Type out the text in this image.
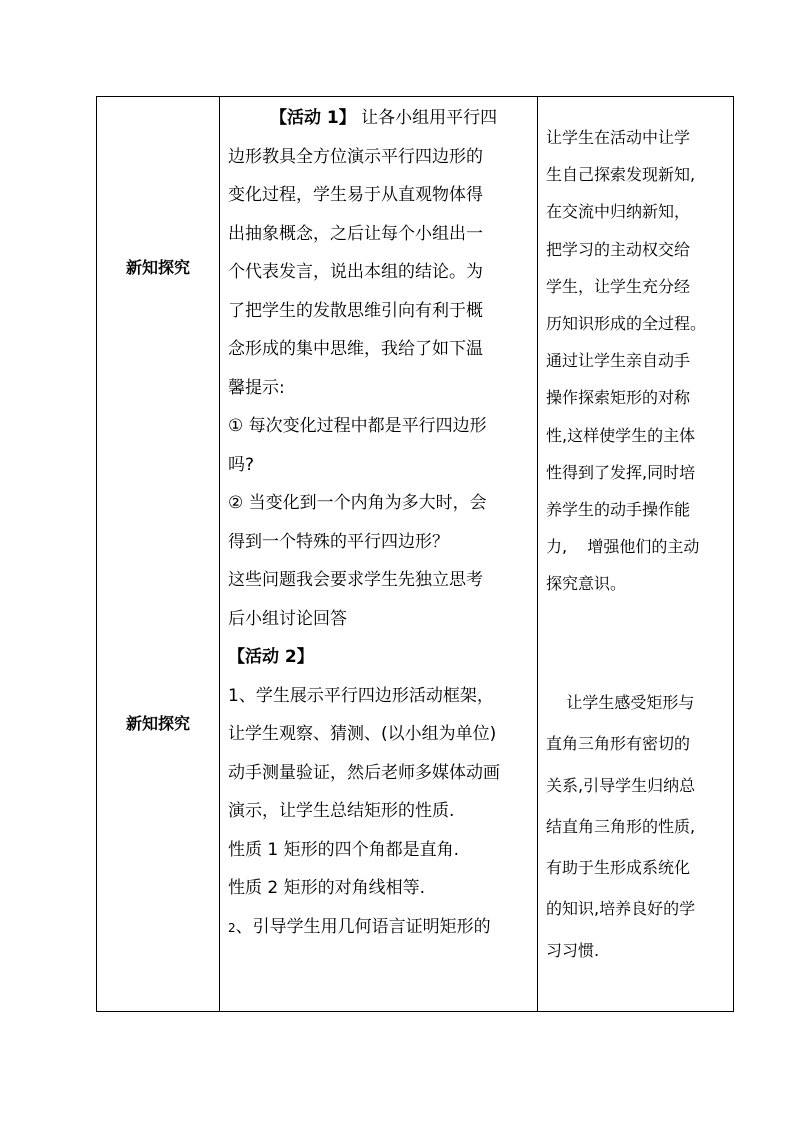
新知探究
新知探究

【活动 1】 让各小组用平行四

边形教具全方位演示平行四边形的

变化过程，学生易于从直观物体得

出抽象概念，之后让每个小组出一

个代表发言，说出本组的结论。为

了把学生的发散思维引向有利于概

念形成的集中思维，我给了如下温

馨提示:

① 每次变化过程中都是平行四边形

吗?

② 当变化到一个内角为多大时，会

得到一个特殊的平行四边形？

这些问题我会要求学生先独立思考

后小组讨论回答

【活动 2】

1、学生展示平行四边形活动框架，

让学生观察、猜测、(以小组为单位)

动手测量验证，然后老师多媒体动画

演示，让学生总结矩形的性质.

性质 1 矩形的四个角都是直角.

性质 2 矩形的对角线相等.

2、引导学生用几何语言证明矩形的

让学生在活动中让学

生自己探索发现新知,

在交流中归纳新知，

把学习的主动权交给

学生，让学生充分经

历知识形成的全过程。

通过让学生亲自动手

操作探索矩形的对称

性,这样使学生的主体

性得到了发挥,同时培

养学生的动手操作能

力,    增强他们的主动

探究意识。

让学生感受矩形与

直角三角形有密切的

关系,引导学生归纳总

结直角三角形的性质,

有助于生形成系统化

的知识,培养良好的学

习习惯.
